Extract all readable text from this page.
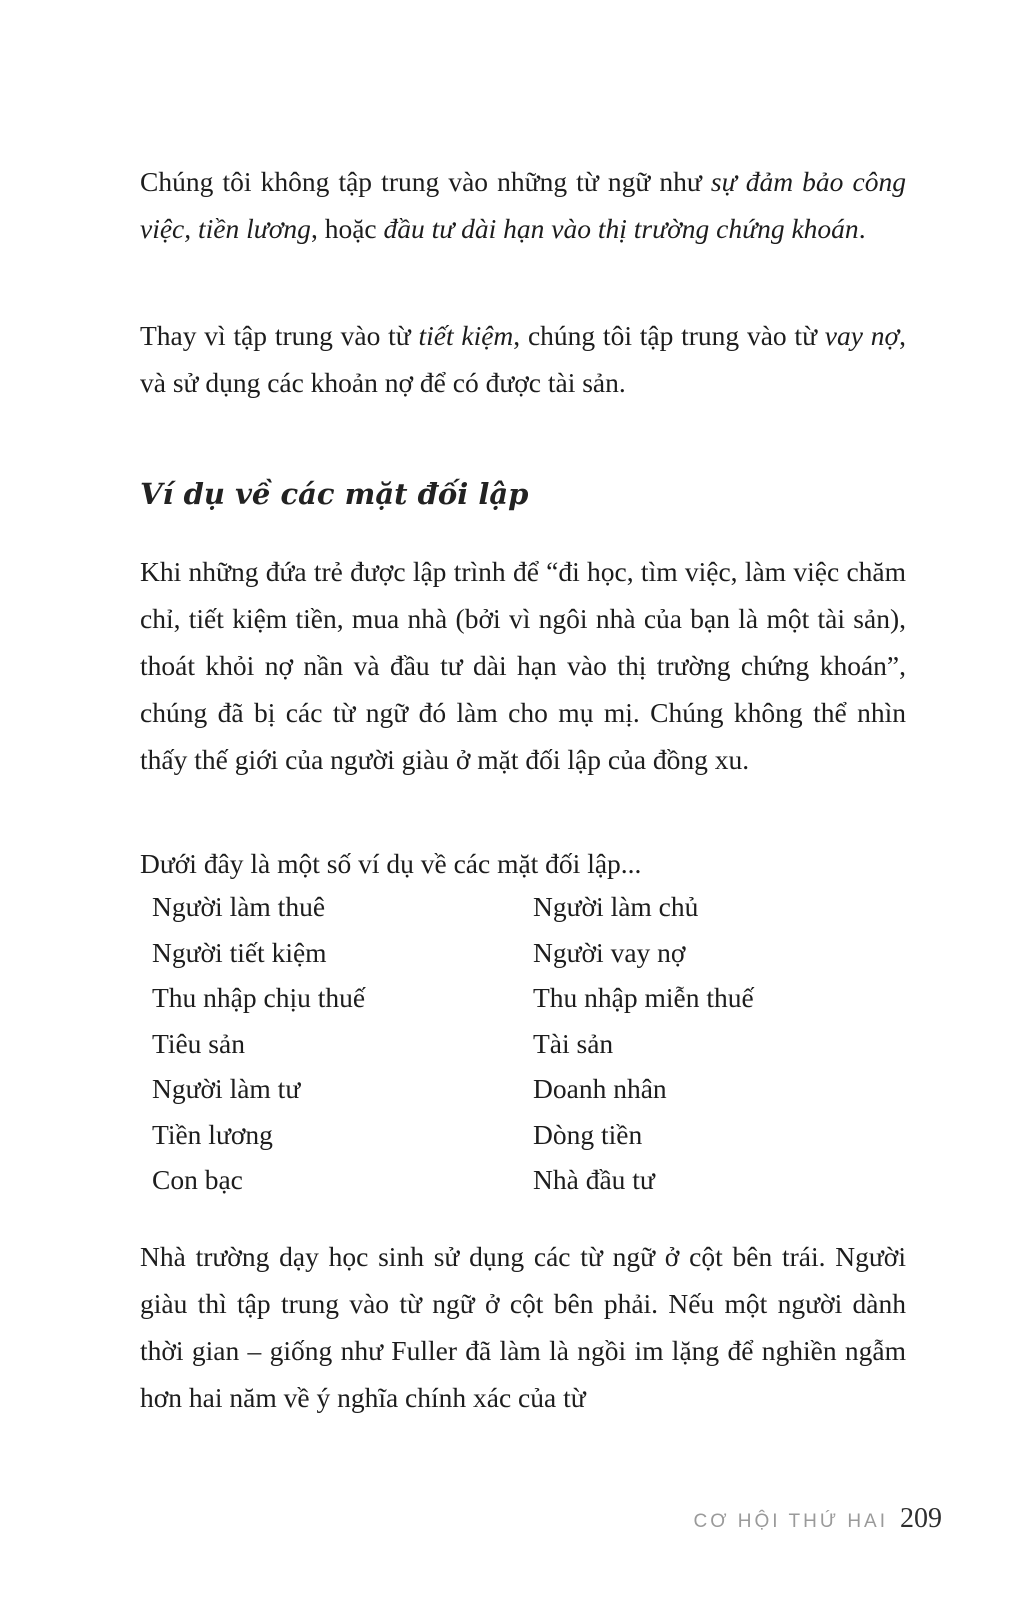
Chúng tôi không tập trung vào những từ ngữ như sự đảm bảo công việc, tiền lương, hoặc đầu tư dài hạn vào thị trường chứng khoán.

Thay vì tập trung vào từ tiết kiệm, chúng tôi tập trung vào từ vay nợ, và sử dụng các khoản nợ để có được tài sản.

Ví dụ về các mặt đối lập

Khi những đứa trẻ được lập trình để “đi học, tìm việc, làm việc chăm chỉ, tiết kiệm tiền, mua nhà (bởi vì ngôi nhà của bạn là một tài sản), thoát khỏi nợ nần và đầu tư dài hạn vào thị trường chứng khoán”, chúng đã bị các từ ngữ đó làm cho mụ mị. Chúng không thể nhìn thấy thế giới của người giàu ở mặt đối lập của đồng xu.

Dưới đây là một số ví dụ về các mặt đối lập...

Người làm thuê	Người làm chủ
Người tiết kiệm	Người vay nợ
Thu nhập chịu thuế	Thu nhập miễn thuế
Tiêu sản	Tài sản
Người làm tư	Doanh nhân
Tiền lương	Dòng tiền
Con bạc	Nhà đầu tư

Nhà trường dạy học sinh sử dụng các từ ngữ ở cột bên trái. Người giàu thì tập trung vào từ ngữ ở cột bên phải. Nếu một người dành thời gian – giống như Fuller đã làm là ngồi im lặng để nghiền ngẫm hơn hai năm về ý nghĩa chính xác của từ

CƠ HỘI THỨ HAI 209
